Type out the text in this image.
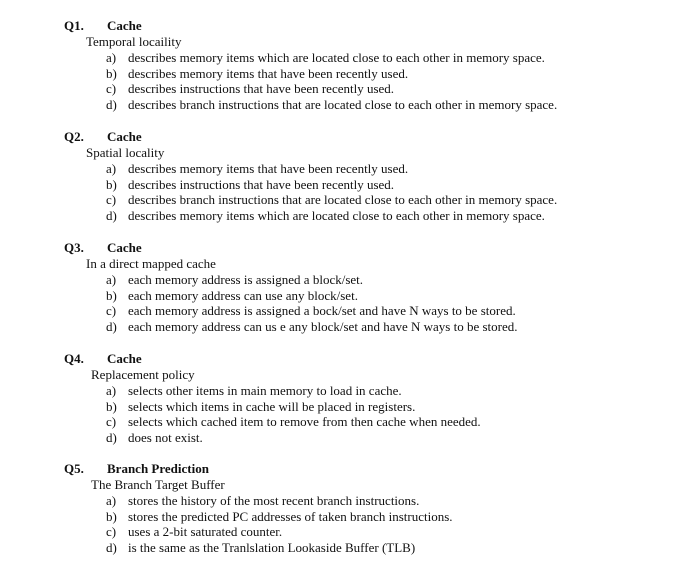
Q1. Cache
Temporal locaility
a) describes memory items which are located close to each other in memory space.
b) describes memory items that have been recently used.
c) describes instructions that have been recently used.
d) describes branch instructions that are located close to each other in memory space.
Q2. Cache
Spatial locality
a) describes memory items that have been recently used.
b) describes instructions that have been recently used.
c) describes branch instructions that are located close to each other in memory space.
d) describes memory items which are located close to each other in memory space.
Q3. Cache
In a direct mapped cache
a) each memory address is assigned a block/set.
b) each memory address can use any block/set.
c) each memory address is assigned a bock/set and have N ways to be stored.
d) each memory address can us e any block/set and have N ways to be stored.
Q4. Cache
Replacement policy
a) selects other items in main memory to load in cache.
b) selects which items in cache will be placed in registers.
c) selects which cached item to remove from then cache when needed.
d) does not exist.
Q5. Branch Prediction
The Branch Target Buffer
a) stores the history of the most recent branch instructions.
b) stores the predicted PC addresses of taken branch instructions.
c) uses a 2-bit saturated counter.
d) is the same as the Tranlslation Lookaside Buffer (TLB)
